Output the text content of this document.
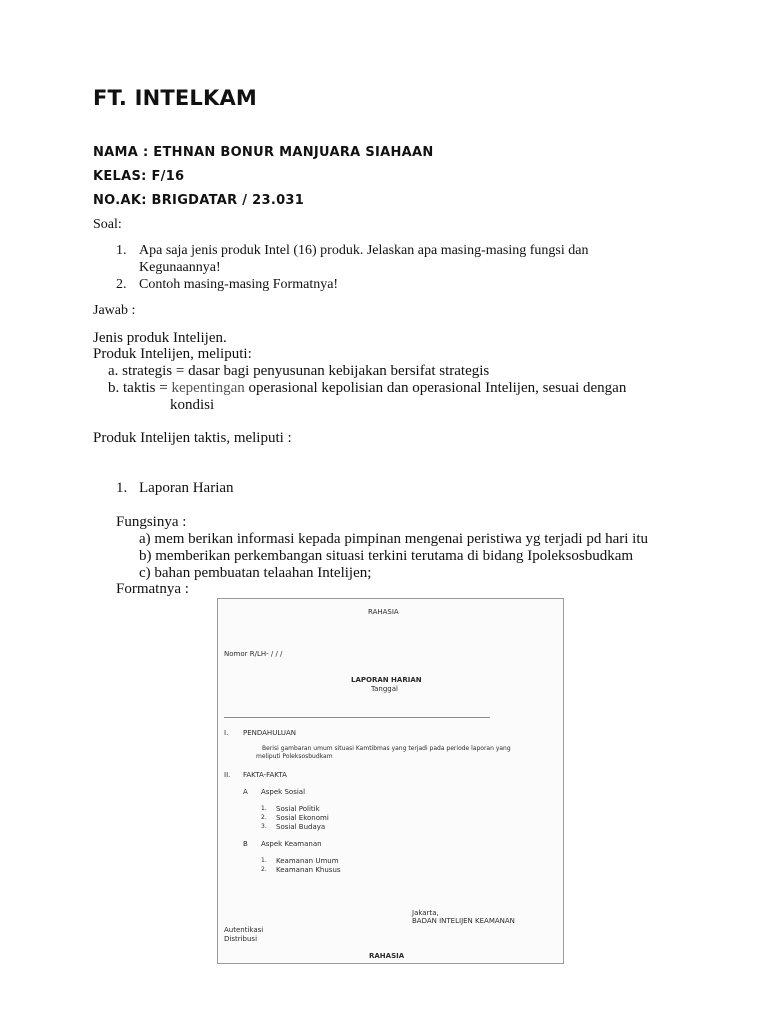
FT. INTELKAM
NAMA : ETHNAN BONUR MANJUARA SIAHAAN
KELAS: F/16
NO.AK: BRIGDATAR / 23.031
Soal:
1. Apa saja jenis produk Intel (16) produk. Jelaskan apa masing-masing fungsi dan
Kegunaannya!
2. Contoh masing-masing Formatnya!
Jawab :
Jenis produk Intelijen.
Produk Intelijen, meliputi:
a. strategis = dasar bagi penyusunan kebijakan bersifat strategis
b. taktis = kepentingan operasional kepolisian dan operasional Intelijen, sesuai dengan
kondisi
Produk Intelijen taktis, meliputi :
1. Laporan Harian
Fungsinya :
a) mem berikan informasi kepada pimpinan mengenai peristiwa yg terjadi pd hari itu
b) memberikan perkembangan situasi terkini terutama di bidang Ipoleksosbudkam
c) bahan pembuatan telaahan Intelijen;
Formatnya :
RAHASIA
Nomor R/LH- / / /
LAPORAN HARIAN
Tanggal
I. PENDAHULUAN
Berisi gambaran umum situasi Kamtibmas yang terjadi pada periode laporan yang
meliputi Poleksosbudkam
II. FAKTA-FAKTA
A Aspek Sosial
1. Sosial Politik
2. Sosial Ekonomi
3. Sosial Budaya
B Aspek Keamanan
1. Keamanan Umum
2. Keamanan Khusus
Jakarta,
BADAN INTELIJEN KEAMANAN
Autentikasi
Distribusi
RAHASIA
